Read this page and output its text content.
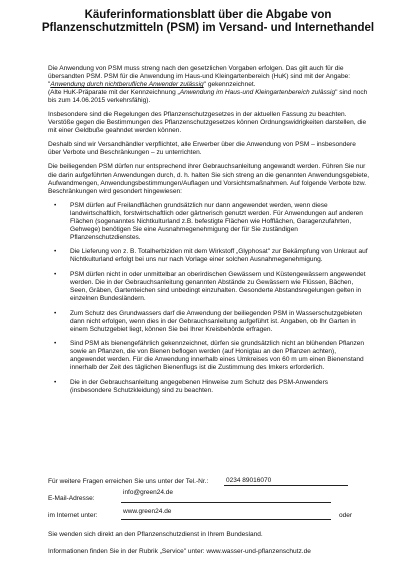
Käuferinformationsblatt über die Abgabe von
Pflanzenschutzmitteln (PSM) im Versand- und Internethandel

Die Anwendung von PSM muss streng nach den gesetzlichen Vorgaben erfolgen. Das gilt auch für die übersandten PSM. PSM für die Anwendung im Haus-und Kleingartenbereich (HuK) sind mit der Angabe: "Anwendung durch nichtberufliche Anwender zulässig" gekennzeichnet.
(Alte HuK-Präparate mit der Kennzeichnung „Anwendung im Haus-und Kleingartenbereich zulässig" sind noch bis zum 14.06.2015 verkehrsfähig).

Insbesondere sind die Regelungen des Pflanzenschutzgesetzes in der aktuellen Fassung zu beachten. Verstöße gegen die Bestimmungen des Pflanzenschutzgesetzes können Ordnungswidrigkeiten darstellen, die mit einer Geldbuße geahndet werden können.

Deshalb sind wir Versandhändler verpflichtet, alle Erwerber über die Anwendung von PSM – insbesondere über Verbote und Beschränkungen – zu unterrichten.

Die beiliegenden PSM dürfen nur entsprechend ihrer Gebrauchsanleitung angewandt werden. Führen Sie nur die darin aufgeführten Anwendungen durch, d. h. halten Sie sich streng an die genannten Anwendungsgebiete, Aufwandmengen, Anwendungsbestimmungen/Auflagen und Vorsichtsmaßnahmen. Auf folgende Verbote bzw. Beschränkungen wird gesondert hingewiesen:

• PSM dürfen auf Freilandflächen grundsätzlich nur dann angewendet werden, wenn diese landwirtschaftlich, forstwirtschaftlich oder gärtnerisch genutzt werden. Für Anwendungen auf anderen Flächen (sogenanntes Nichtkulturland z.B. befestigte Flächen wie Hofflächen, Garagenzufahrten, Gehwege) benötigen Sie eine Ausnahmegenehmigung der für Sie zuständigen Pflanzenschutzdienstes.
• Die Lieferung von z. B. Totalherbiziden mit dem Wirkstoff „Glyphosat" zur Bekämpfung von Unkraut auf Nichtkulturland erfolgt bei uns nur nach Vorlage einer solchen Ausnahmegenehmigung.
• PSM dürfen nicht in oder unmittelbar an oberirdischen Gewässern und Küstengewässern angewendet werden. Die in der Gebrauchsanleitung genannten Abstände zu Gewässern wie Flüssen, Bächen, Seen, Gräben, Gartenteichen sind unbedingt einzuhalten. Gesonderte Abstandsregelungen gelten in einzelnen Bundesländern.
• Zum Schutz des Grundwassers darf die Anwendung der beiliegenden PSM in Wasserschutzgebieten dann nicht erfolgen, wenn dies in der Gebrauchsanleitung aufgeführt ist. Angaben, ob Ihr Garten in einem Schutzgebiet liegt, können Sie bei Ihrer Kreisbehörde erfragen.
• Sind PSM als bienengefährlich gekennzeichnet, dürfen sie grundsätzlich nicht an blühenden Pflanzen sowie an Pflanzen, die von Bienen beflogen werden (auf Honigtau an den Pflanzen achten), angewendet werden. Für die Anwendung innerhalb eines Umkreises von 60 m um einen Bienenstand innerhalb der Zeit des täglichen Bienenflugs ist die Zustimmung des Imkers erforderlich.
• Die in der Gebrauchsanleitung angegebenen Hinweise zum Schutz des PSM-Anwenders (insbesondere Schutzkleidung) sind zu beachten.
Für weitere Fragen erreichen Sie uns unter der Tel.-Nr.:	0234 89016070
E-Mail-Adresse:
info@green24.de
im Internet unter:
www.green24.de
oder

Sie wenden sich direkt an den Pflanzenschutzdienst in Ihrem Bundesland.

Informationen finden Sie in der Rubrik „Service" unter: www.wasser-und-pflanzenschutz.de
